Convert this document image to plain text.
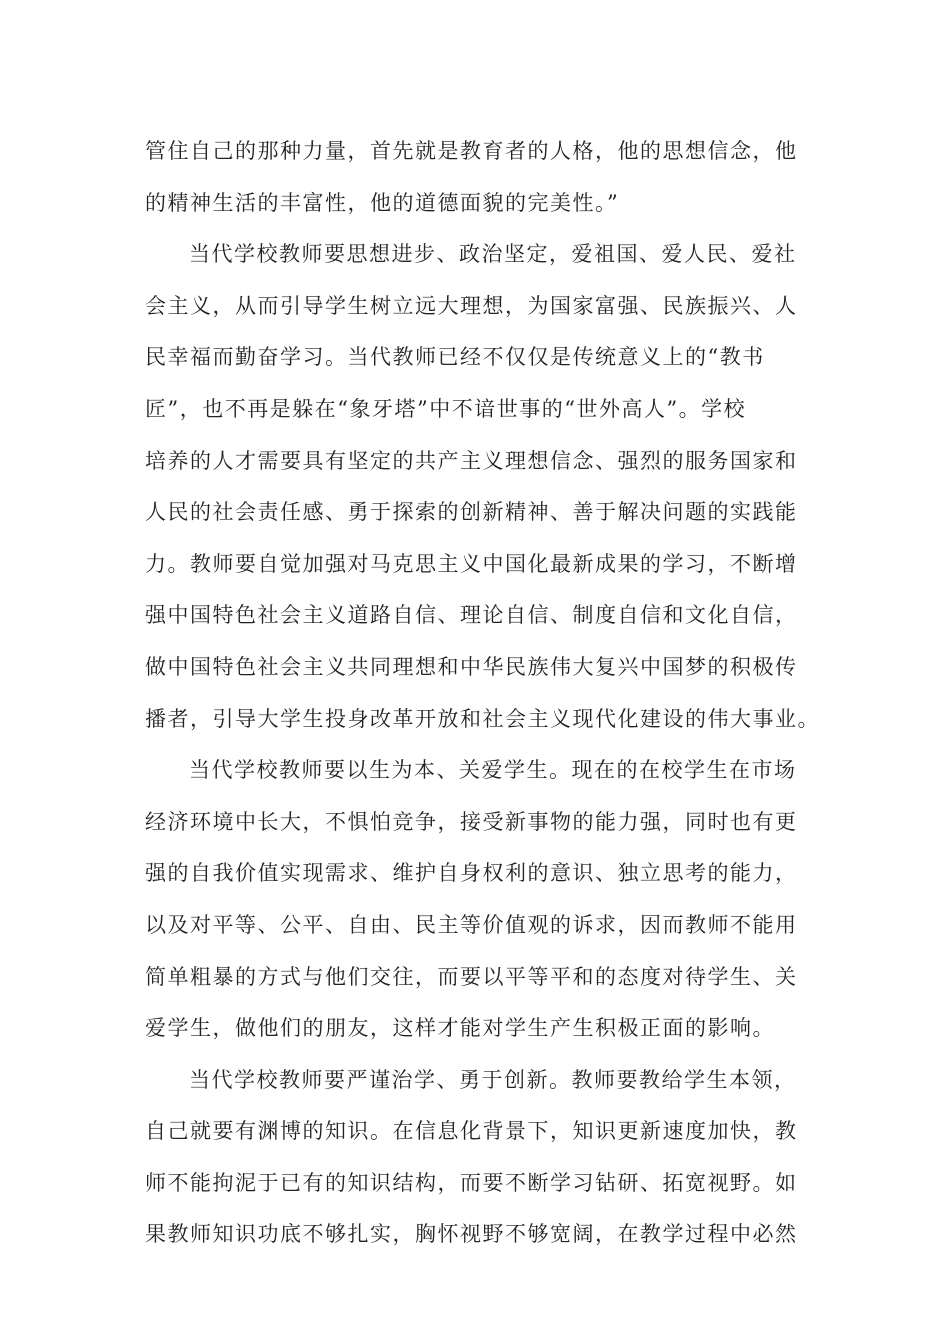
管住自己的那种力量，首先就是教育者的人格，他的思想信念，他
的精神生活的丰富性，他的道德面貌的完美性。”
当代学校教师要思想进步、政治坚定，爱祖国、爱人民、爱社
会主义，从而引导学生树立远大理想，为国家富强、民族振兴、人
民幸福而勤奋学习。当代教师已经不仅仅是传统意义上的“教书
匠”，也不再是躲在“象牙塔”中不谙世事的“世外高人”。学校
培养的人才需要具有坚定的共产主义理想信念、强烈的服务国家和
人民的社会责任感、勇于探索的创新精神、善于解决问题的实践能
力。教师要自觉加强对马克思主义中国化最新成果的学习，不断增
强中国特色社会主义道路自信、理论自信、制度自信和文化自信，
做中国特色社会主义共同理想和中华民族伟大复兴中国梦的积极传
播者，引导大学生投身改革开放和社会主义现代化建设的伟大事业。
当代学校教师要以生为本、关爱学生。现在的在校学生在市场
经济环境中长大，不惧怕竞争，接受新事物的能力强，同时也有更
强的自我价值实现需求、维护自身权利的意识、独立思考的能力，
以及对平等、公平、自由、民主等价值观的诉求，因而教师不能用
简单粗暴的方式与他们交往，而要以平等平和的态度对待学生、关
爱学生，做他们的朋友，这样才能对学生产生积极正面的影响。
当代学校教师要严谨治学、勇于创新。教师要教给学生本领，
自己就要有渊博的知识。在信息化背景下，知识更新速度加快，教
师不能拘泥于已有的知识结构，而要不断学习钻研、拓宽视野。如
果教师知识功底不够扎实，胸怀视野不够宽阔，在教学过程中必然
